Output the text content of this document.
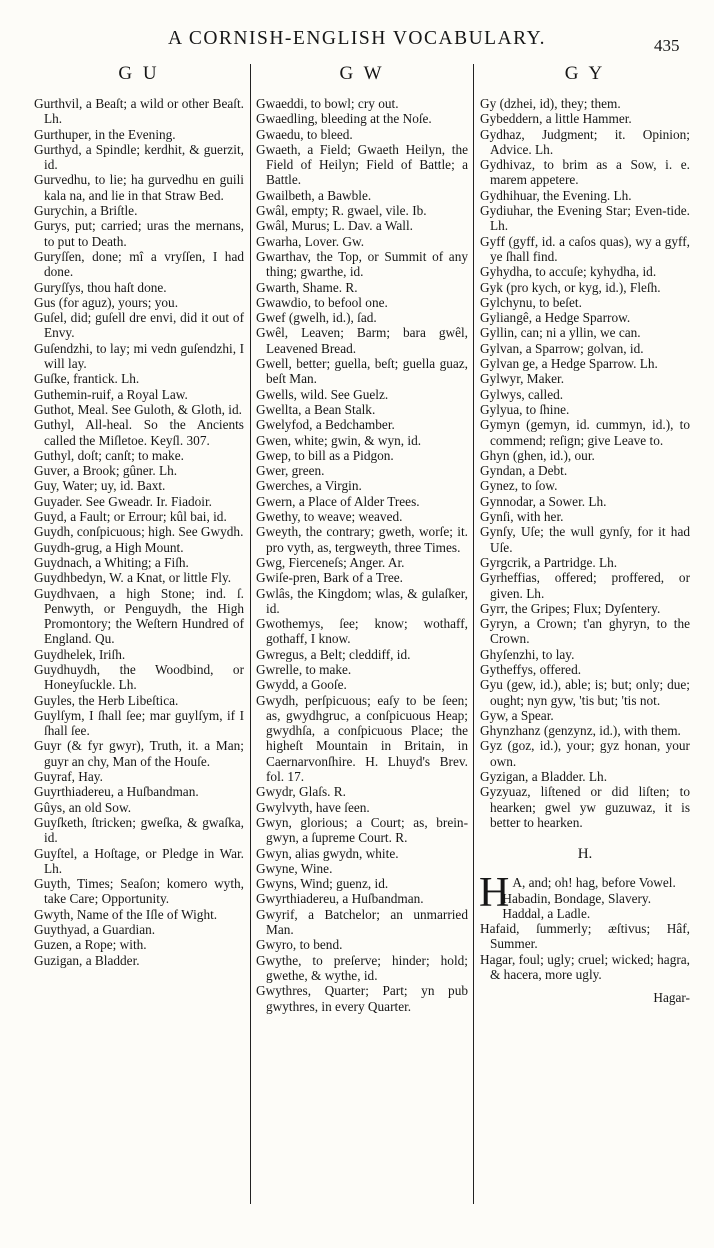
A CORNISH-ENGLISH VOCABULARY.	435
G U

Gurthvil, a Beaſt; a wild or other Beaſt. Lh.

Gurthuper, in the Evening.

Gurthyd, a Spindle; kerdhit, & guerzit, id.

Gurvedhu, to lie; ha gurvedhu en guili kala na, and lie in that Straw Bed.

Gurychin, a Briſtle.

Gurys, put; carried; uras the mernans, to put to Death.

Guryſſen, done; mî a vryſſen, I had done.

Guryſſys, thou haſt done.

Gus (for aguz), yours; you.

Guſel, did; guſell dre envi, did it out of Envy.

Guſendzhi, to lay; mi vedn guſendzhi, I will lay.

Guſke, frantick. Lh.

Guthemin-ruif, a Royal Law.

Guthot, Meal. See Guloth, & Gloth, id.

Guthyl, All-heal. So the Ancients called the Miſletoe. Keyſl. 307.

Guthyl, doſt; canſt; to make.

Guver, a Brook; gûner. Lh.

Guy, Water; uy, id. Baxt.

Guyader. See Gweadr. Ir. Fiadoir.

Guyd, a Fault; or Errour; kûl bai, id.

Guydh, conſpicuous; high. See Gwydh.

Guydh-grug, a High Mount.

Guydnach, a Whiting; a Fiſh.

Guydhbedyn, W. a Knat, or little Fly.

Guydhvaen, a high Stone; ind. ſ. Penwyth, or Penguydh, the High Promontory; the Weſtern Hundred of England. Qu.

Guydhelek, Iriſh.

Guydhuydh, the Woodbind, or Honeyſuckle. Lh.

Guyles, the Herb Libeſtica.

Guylſym, I ſhall ſee; mar guylſym, if I ſhall ſee.

Guyr (& fyr gwyr), Truth, it. a Man; guyr an chy, Man of the Houſe.

Guyraf, Hay.

Guyrthiadereu, a Huſbandman.

Gûys, an old Sow.

Guyſketh, ſtricken; gweſka, & gwaſka, id.

Guyſtel, a Hoſtage, or Pledge in War. Lh.

Guyth, Times; Seaſon; komero wyth, take Care; Opportunity.

Gwyth, Name of the Iſle of Wight.

Guythyad, a Guardian.

Guzen, a Rope; with.

Guzigan, a Bladder.

G W

Gwaeddi, to bowl; cry out.

Gwaedling, bleeding at the Noſe.

Gwaedu, to bleed.

Gwaeth, a Field; Gwaeth Heilyn, the Field of Heilyn; Field of Battle; a Battle.

Gwailbeth, a Bawble.

Gwâl, empty; R. gwael, vile. Ib.

Gwâl, Murus; L. Dav. a Wall.

Gwarha, Lover. Gw.

Gwarthav, the Top, or Summit of any thing; gwarthe, id.

Gwarth, Shame. R.

Gwawdio, to befool one.

Gwef (gwelh, id.), ſad.

Gwêl, Leaven; Barm; bara gwêl, Leavened Bread.

Gwell, better; guella, beſt; guella guaz, beſt Man.

Gwells, wild. See Guelz.

Gwellta, a Bean Stalk.

Gwelyfod, a Bedchamber.

Gwen, white; gwin, & wyn, id.

Gwep, to bill as a Pidgon.

Gwer, green.

Gwerches, a Virgin.

Gwern, a Place of Alder Trees.

Gwethy, to weave; weaved.

Gweyth, the contrary; gweth, worſe; it. pro vyth, as, tergweyth, three Times.

Gwg, Fierceneſs; Anger. Ar.

Gwiſe-pren, Bark of a Tree.

Gwlâs, the Kingdom; wlas, & gulaſker, id.

Gwothemys, ſee; know; wothaff, gothaff, I know.

Gwregus, a Belt; cleddiff, id.

Gwrelle, to make.

Gwydd, a Gooſe.

Gwydh, perſpicuous; eaſy to be ſeen; as, gwydhgruc, a conſpicuous Heap; gwydhſa, a conſpicuous Place; the higheſt Mountain in Britain, in Caernarvonſhire. H. Lhuyd's Brev. fol. 17.

Gwydr, Glaſs. R.

Gwylvyth, have ſeen.

Gwyn, glorious; a Court; as, brein-gwyn, a ſupreme Court. R.

Gwyn, alias gwydn, white.

Gwyne, Wine.

Gwyns, Wind; guenz, id.

Gwyrthiadereu, a Huſbandman.

Gwyrif, a Batchelor; an unmarried Man.

Gwyro, to bend.

Gwythe, to preſerve; hinder; hold; gwethe, & wythe, id.

Gwythres, Quarter; Part; yn pub gwythres, in every Quarter.

G Y

Gy (dzhei, id), they; them.

Gybeddern, a little Hammer.

Gydhaz, Judgment; it. Opinion; Advice. Lh.

Gydhivaz, to brim as a Sow, i. e. marem appetere.

Gydhihuar, the Evening. Lh.

Gydiuhar, the Evening Star; Even-tide. Lh.

Gyff (gyff, id. a caſos quas), wy a gyff, ye ſhall find.

Gyhydha, to accuſe; kyhydha, id.

Gyk (pro kych, or kyg, id.), Fleſh.

Gylchynu, to beſet.

Gyliangê, a Hedge Sparrow.

Gyllin, can; ni a yllin, we can.

Gylvan, a Sparrow; golvan, id.

Gylvan ge, a Hedge Sparrow. Lh.

Gylwyr, Maker.

Gylwys, called.

Gylyua, to ſhine.

Gymyn (gemyn, id. cummyn, id.), to commend; reſign; give Leave to.

Ghyn (ghen, id.), our.

Gyndan, a Debt.

Gynez, to ſow.

Gynnodar, a Sower. Lh.

Gynſi, with her.

Gynſy, Uſe; the wull gynſy, for it had Uſe.

Gyrgcrik, a Partridge. Lh.

Gyrheffias, offered; proffered, or given. Lh.

Gyrr, the Gripes; Flux; Dyſentery.

Gyryn, a Crown; t'an ghyryn, to the Crown.

Ghyſenzhi, to lay.

Gytheffys, offered.

Gyu (gew, id.), able; is; but; only; due; ought; nyn gyw, 'tis but; 'tis not.

Gyw, a Spear.

Ghynzhanz (genzynz, id.), with them.

Gyz (goz, id.), your; gyz honan, your own.

Gyzigan, a Bladder. Lh.

Gyzyuaz, liſtened or did liſten; to hearken; gwel yw guzuwaz, it is better to hearken.

H.

H A, and; oh! hag, before Vowel.

Habadin, Bondage, Slavery.

Haddal, a Ladle.

Hafaid, ſummerly; æſtivus; Hâf, Summer.

Hagar, foul; ugly; cruel; wicked; hagra, & hacera, more ugly.

Hagar-
